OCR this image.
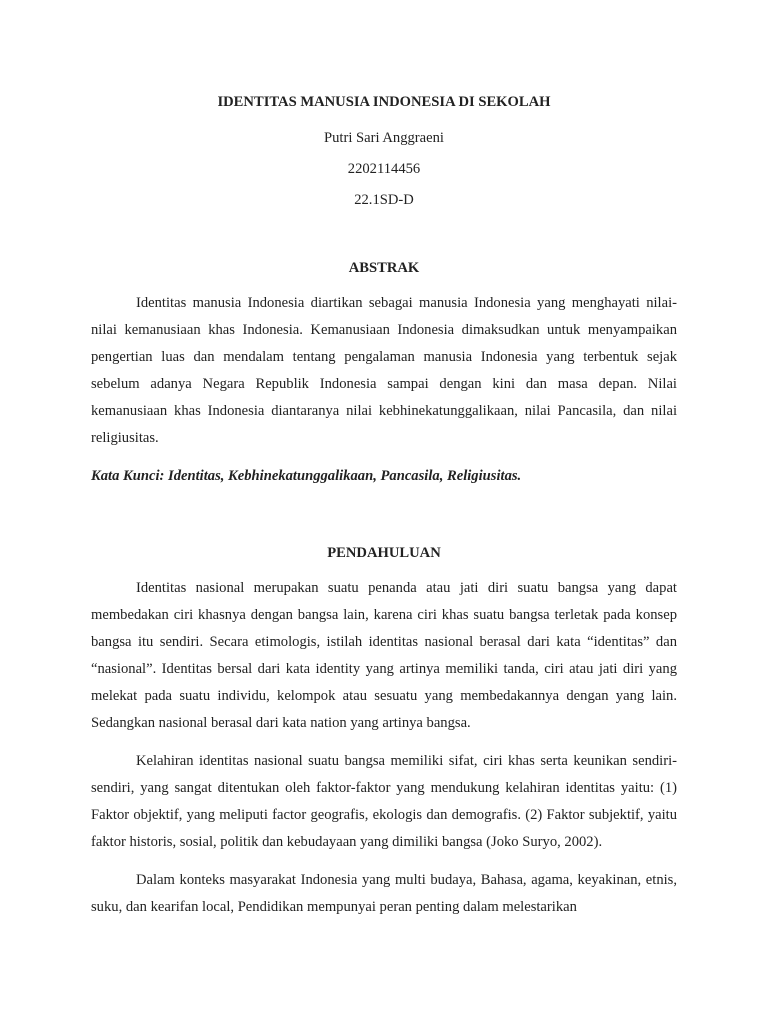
IDENTITAS MANUSIA INDONESIA DI SEKOLAH

Putri Sari Anggraeni

2202114456

22.1SD-D

ABSTRAK

Identitas manusia Indonesia diartikan sebagai manusia Indonesia yang menghayati nilai-nilai kemanusiaan khas Indonesia. Kemanusiaan Indonesia dimaksudkan untuk menyampaikan pengertian luas dan mendalam tentang pengalaman manusia Indonesia yang terbentuk sejak sebelum adanya Negara Republik Indonesia sampai dengan kini dan masa depan. Nilai kemanusiaan khas Indonesia diantaranya nilai kebhinekatunggalikaan, nilai Pancasila, dan nilai religiusitas.

Kata Kunci: Identitas, Kebhinekatunggalikaan, Pancasila, Religiusitas.

PENDAHULUAN

Identitas nasional merupakan suatu penanda atau jati diri suatu bangsa yang dapat membedakan ciri khasnya dengan bangsa lain, karena ciri khas suatu bangsa terletak pada konsep bangsa itu sendiri. Secara etimologis, istilah identitas nasional berasal dari kata “identitas” dan “nasional”. Identitas bersal dari kata identity yang artinya memiliki tanda, ciri atau jati diri yang melekat pada suatu individu, kelompok atau sesuatu yang membedakannya dengan yang lain. Sedangkan nasional berasal dari kata nation yang artinya bangsa.

Kelahiran identitas nasional suatu bangsa memiliki sifat, ciri khas serta keunikan sendiri-sendiri, yang sangat ditentukan oleh faktor-faktor yang mendukung kelahiran identitas yaitu: (1) Faktor objektif, yang meliputi factor geografis, ekologis dan demografis. (2) Faktor subjektif, yaitu faktor historis, sosial, politik dan kebudayaan yang dimiliki bangsa (Joko Suryo, 2002).

Dalam konteks masyarakat Indonesia yang multi budaya, Bahasa, agama, keyakinan, etnis, suku, dan kearifan local, Pendidikan mempunyai peran penting dalam melestarikan
